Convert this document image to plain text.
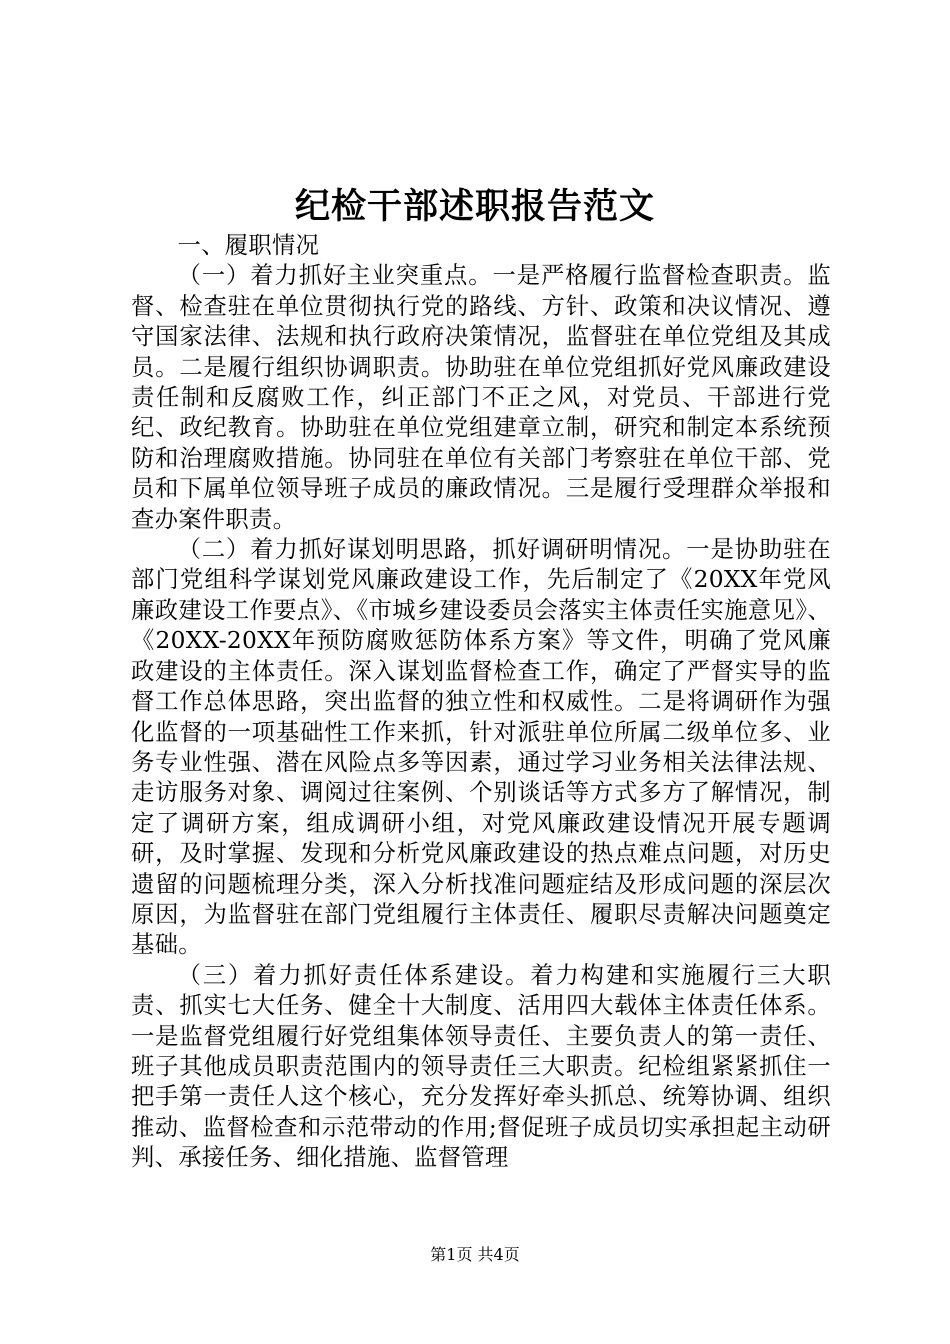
纪检干部述职报告范文

一、履职情况

（一）着力抓好主业突重点。一是严格履行监督检查职责。监督、检查驻在单位贯彻执行党的路线、方针、政策和决议情况、遵守国家法律、法规和执行政府决策情况，监督驻在单位党组及其成员。二是履行组织协调职责。协助驻在单位党组抓好党风廉政建设责任制和反腐败工作，纠正部门不正之风，对党员、干部进行党纪、政纪教育。协助驻在单位党组建章立制，研究和制定本系统预防和治理腐败措施。协同驻在单位有关部门考察驻在单位干部、党员和下属单位领导班子成员的廉政情况。三是履行受理群众举报和查办案件职责。

（二）着力抓好谋划明思路，抓好调研明情况。一是协助驻在部门党组科学谋划党风廉政建设工作，先后制定了《20XX年党风廉政建设工作要点》、《市城乡建设委员会落实主体责任实施意见》、《20XX-20XX年预防腐败惩防体系方案》等文件，明确了党风廉政建设的主体责任。深入谋划监督检查工作，确定了严督实导的监督工作总体思路，突出监督的独立性和权威性。二是将调研作为强化监督的一项基础性工作来抓，针对派驻单位所属二级单位多、业务专业性强、潜在风险点多等因素，通过学习业务相关法律法规、走访服务对象、调阅过往案例、个别谈话等方式多方了解情况，制定了调研方案，组成调研小组，对党风廉政建设情况开展专题调研，及时掌握、发现和分析党风廉政建设的热点难点问题，对历史遗留的问题梳理分类，深入分析找准问题症结及形成问题的深层次原因，为监督驻在部门党组履行主体责任、履职尽责解决问题奠定基础。

（三）着力抓好责任体系建设。着力构建和实施履行三大职责、抓实七大任务、健全十大制度、活用四大载体主体责任体系。一是监督党组履行好党组集体领导责任、主要负责人的第一责任、班子其他成员职责范围内的领导责任三大职责。纪检组紧紧抓住一把手第一责任人这个核心，充分发挥好牵头抓总、统筹协调、组织推动、监督检查和示范带动的作用;督促班子成员切实承担起主动研判、承接任务、细化措施、监督管理

第1页 共4页
